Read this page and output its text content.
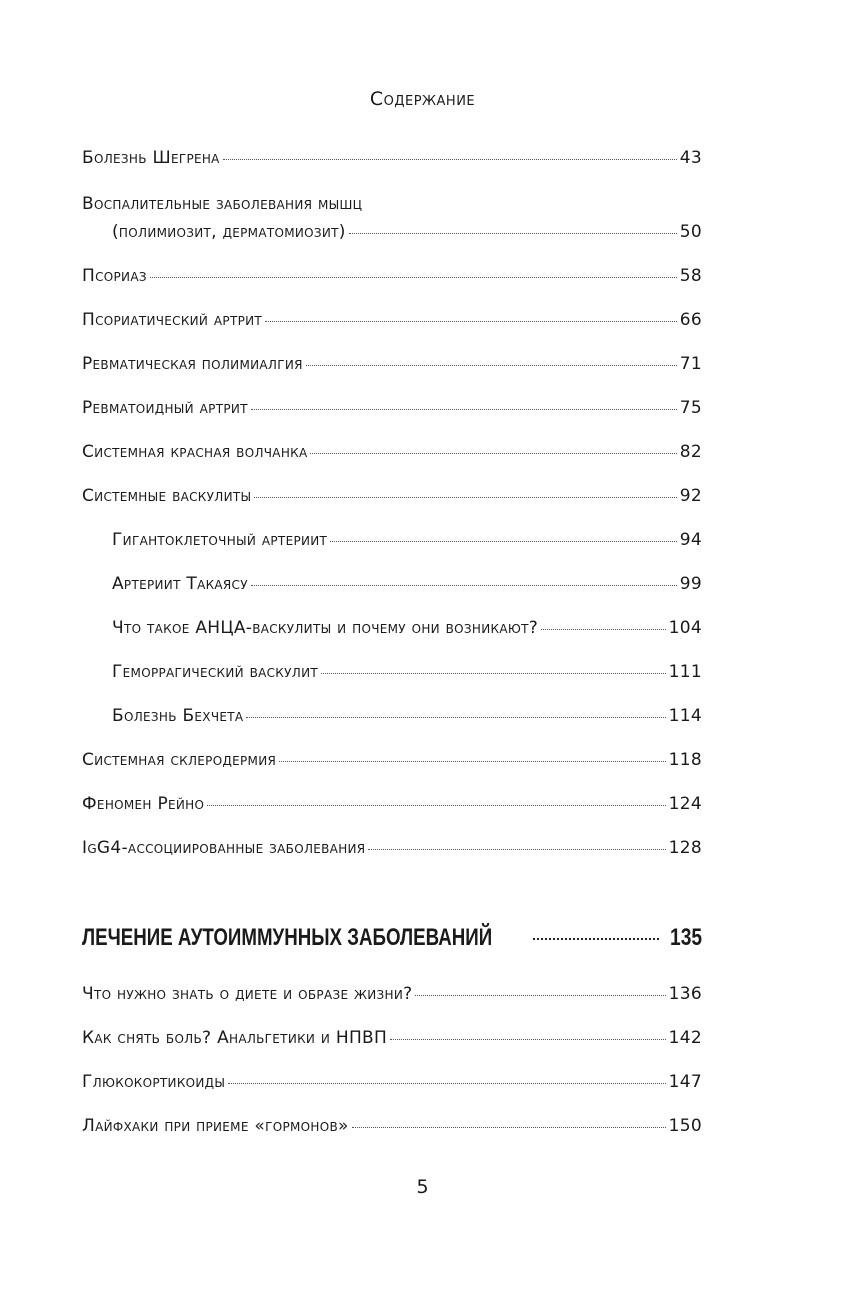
Содержание
Болезнь Шегрена	43
Воспалительные заболевания мышц
(полимиозит, дерматомиозит)	50
Псориаз	58
Псориатический артрит	66
Ревматическая полимиалгия	71
Ревматоидный артрит	75
Системная красная волчанка	82
Системные васкулиты	92
Гигантоклеточный артериит	94
Артериит Такаясу	99
Что такое АНЦА-васкулиты и почему они возникают?	104
Геморрагический васкулит	111
Болезнь Бехчета	114
Системная склеродермия	118
Феномен Рейно	124
IgG4-ассоциированные заболевания	128
ЛЕЧЕНИЕ АУТОИММУННЫХ ЗАБОЛЕВАНИЙ	135
Что нужно знать о диете и образе жизни?	136
Как снять боль? Анальгетики и НПВП	142
Глюкокортикоиды	147
Лайфхаки при приеме «гормонов»	150
5
